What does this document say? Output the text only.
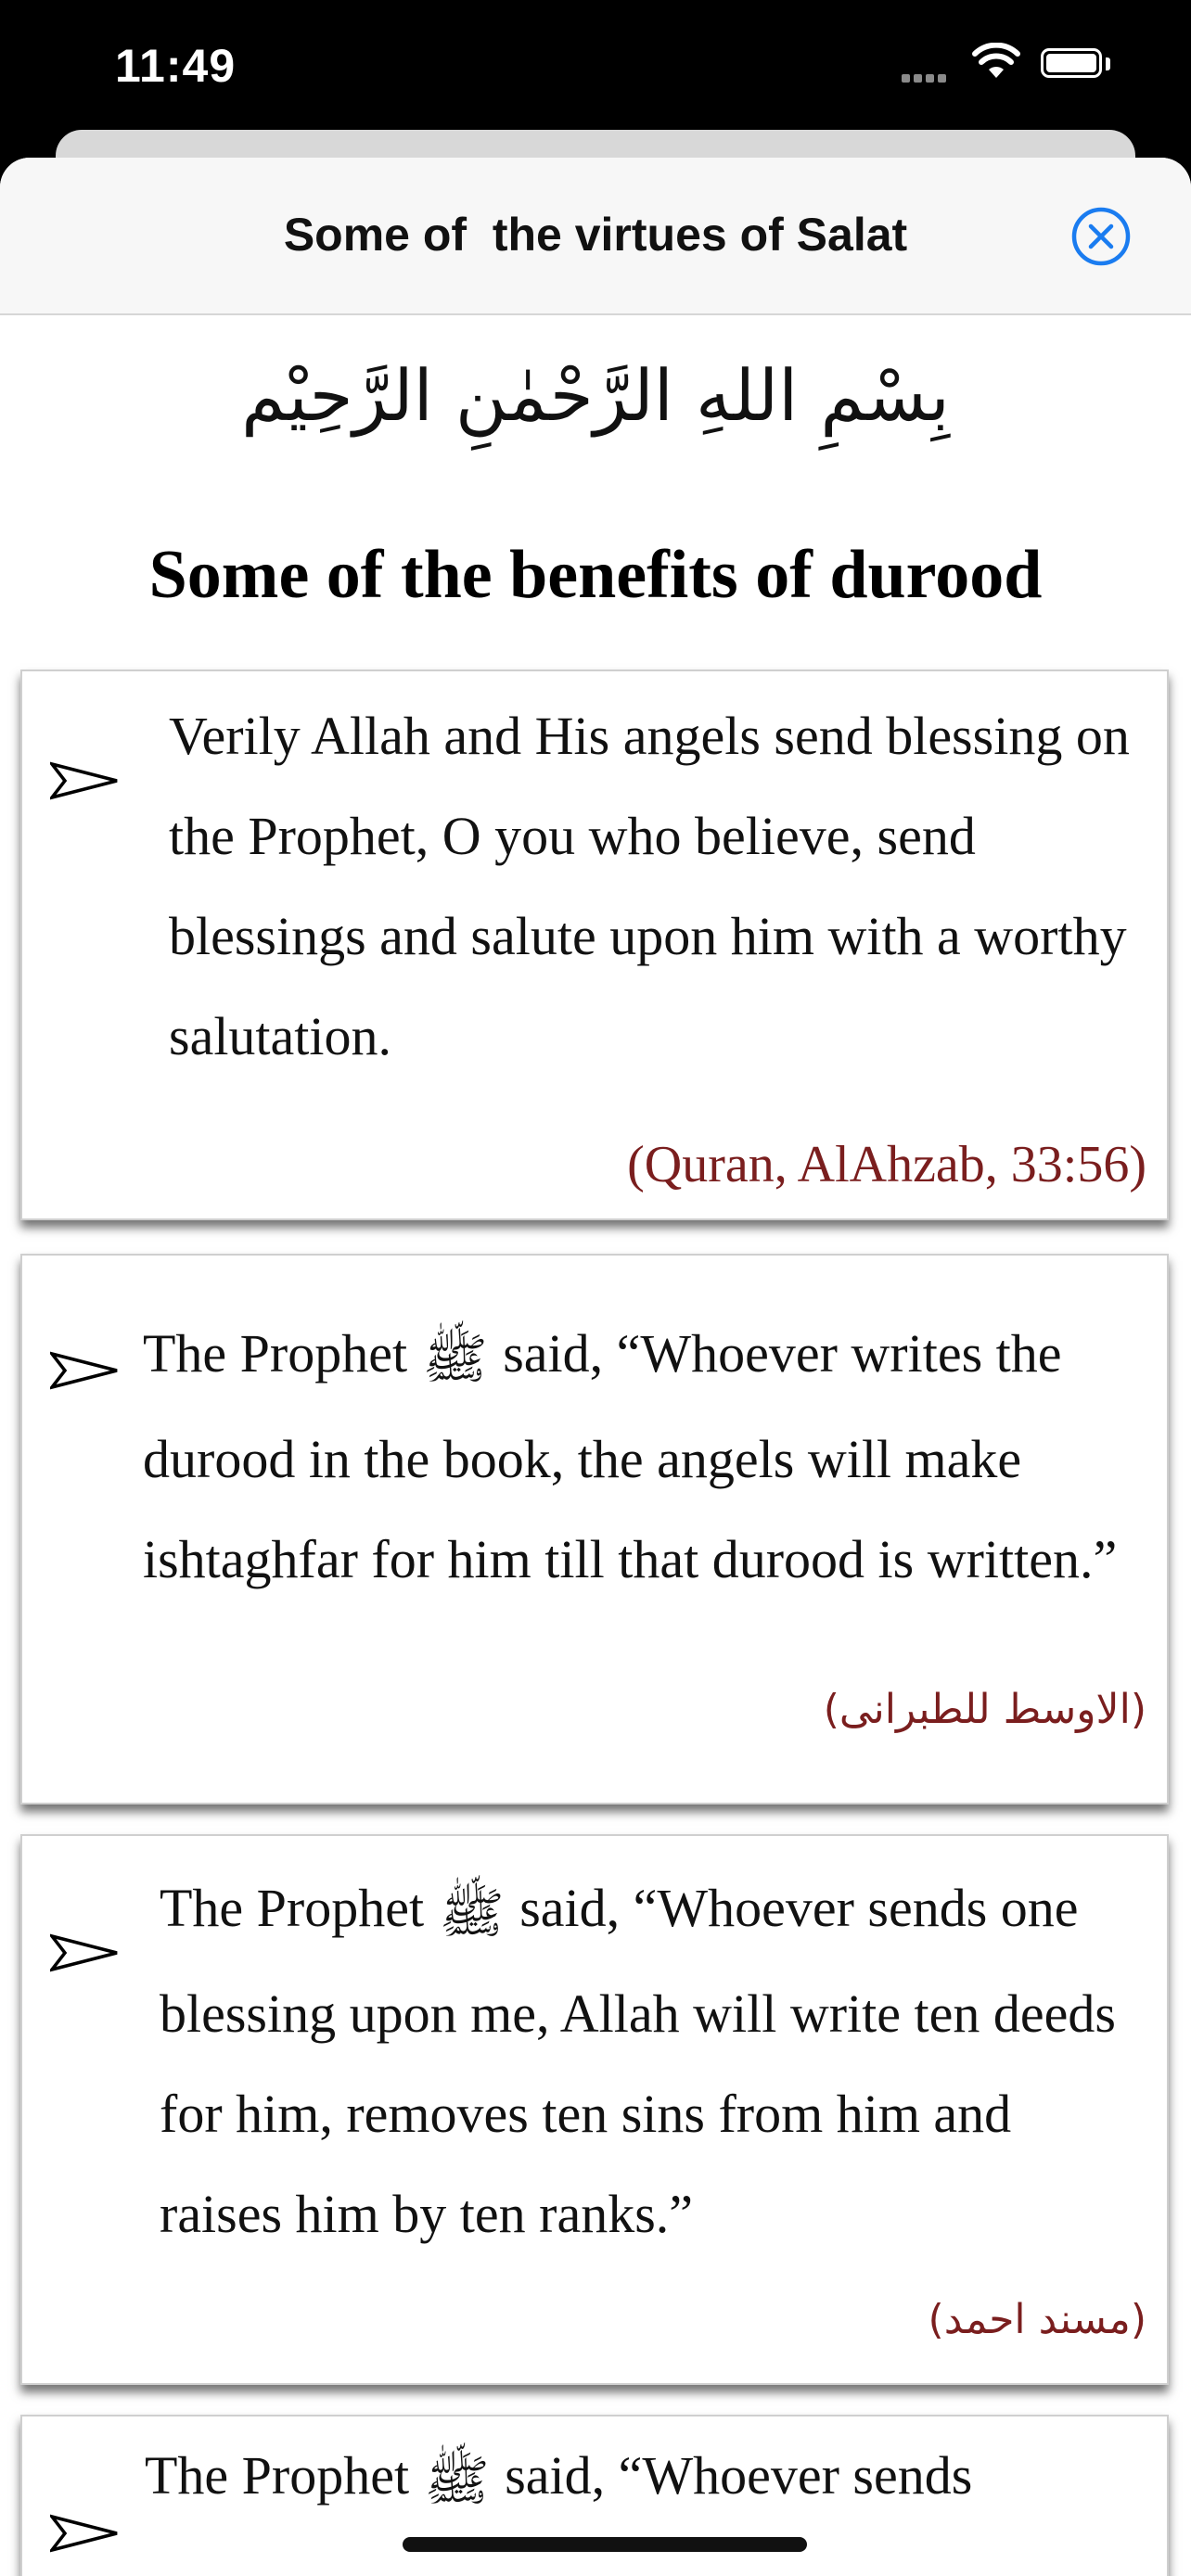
11:49
Some of  the virtues of Salat
بِسْمِ اللهِ الرَّحْمٰنِ الرَّحِيْم
Some of the benefits of durood
Verily Allah and His angels send blessing on the Prophet, O you who believe, send blessings and salute upon him with a worthy salutation.
(Quran, AlAhzab, 33:56)
The Prophet ﷺ said, “Whoever writes the durood in the book, the angels will make ishtaghfar for him till that durood is written.”
(الاوسط للطبرانی)
The Prophet ﷺ said, “Whoever sends one blessing upon me, Allah will write ten deeds for him, removes ten sins from him and raises him by ten ranks.”
(مسند احمد)
The Prophet ﷺ said, “Whoever sends
